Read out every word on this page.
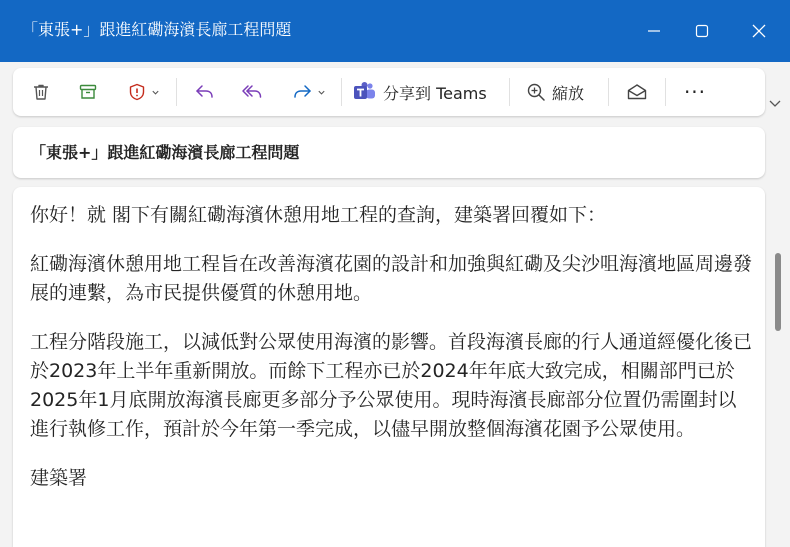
「東張+」跟進紅磡海濱長廊工程問題
分享到 Teams	縮放	···
「東張+」跟進紅磡海濱長廊工程問題

你好！就 閣下有關紅磡海濱休憩用地工程的查詢，建築署回覆如下：

紅磡海濱休憩用地工程旨在改善海濱花園的設計和加強與紅磡及尖沙咀海濱地區周邊發展的連繫，為市民提供優質的休憩用地。

工程分階段施工，以減低對公眾使用海濱的影響。首段海濱長廊的行人通道經優化後已於2023年上半年重新開放。而餘下工程亦已於2024年年底大致完成，相關部門已於2025年1月底開放海濱長廊更多部分予公眾使用。現時海濱長廊部分位置仍需圍封以進行執修工作，預計於今年第一季完成，以儘早開放整個海濱花園予公眾使用。

建築署
